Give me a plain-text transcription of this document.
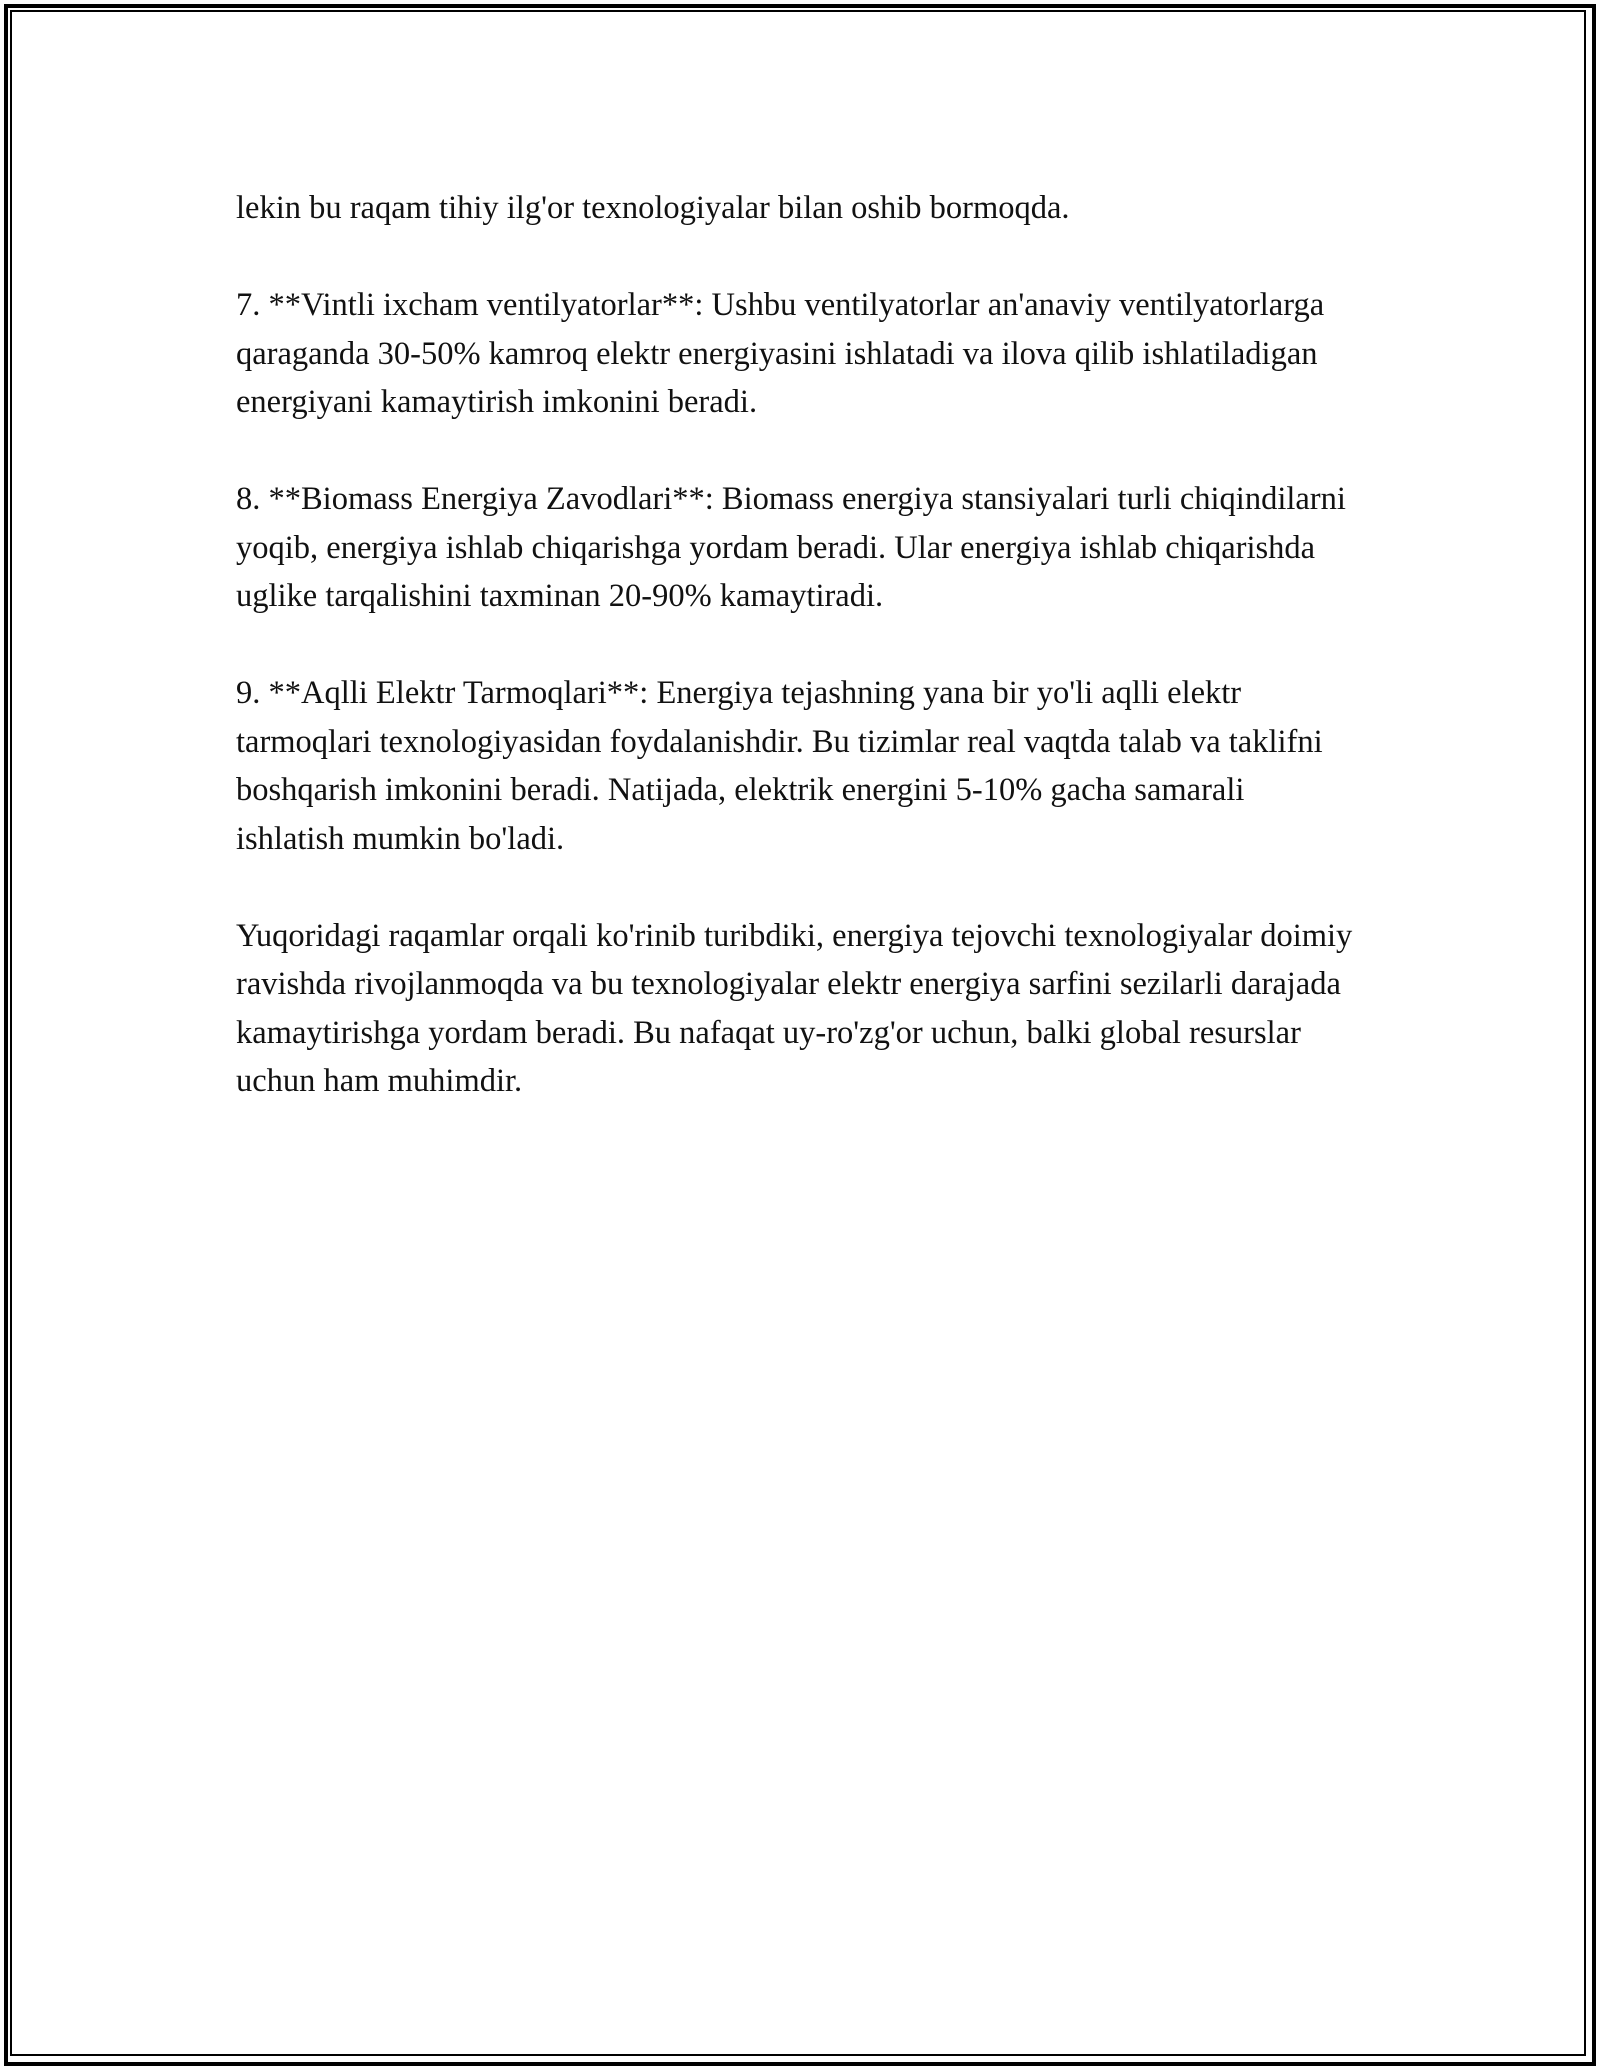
lekin bu raqam tihiy ilg'or texnologiyalar bilan oshib bormoqda.

7. **Vintli ixcham ventilyatorlar**: Ushbu ventilyatorlar an'anaviy ventilyatorlarga qaraganda 30-50% kamroq elektr energiyasini ishlatadi va ilova qilib ishlatiladigan energiyani kamaytirish imkonini beradi.

8. **Biomass Energiya Zavodlari**: Biomass energiya stansiyalari turli chiqindilarni yoqib, energiya ishlab chiqarishga yordam beradi. Ular energiya ishlab chiqarishda uglike tarqalishini taxminan 20-90% kamaytiradi.

9. **Aqlli Elektr Tarmoqlari**: Energiya tejashning yana bir yo'li aqlli elektr tarmoqlari texnologiyasidan foydalanishdir. Bu tizimlar real vaqtda talab va taklifni boshqarish imkonini beradi. Natijada, elektrik energini 5-10% gacha samarali ishlatish mumkin bo'ladi.

Yuqoridagi raqamlar orqali ko'rinib turibdiki, energiya tejovchi texnologiyalar doimiy ravishda rivojlanmoqda va bu texnologiyalar elektr energiya sarfini sezilarli darajada kamaytirishga yordam beradi. Bu nafaqat uy-ro'zg'or uchun, balki global resurslar uchun ham muhimdir.
